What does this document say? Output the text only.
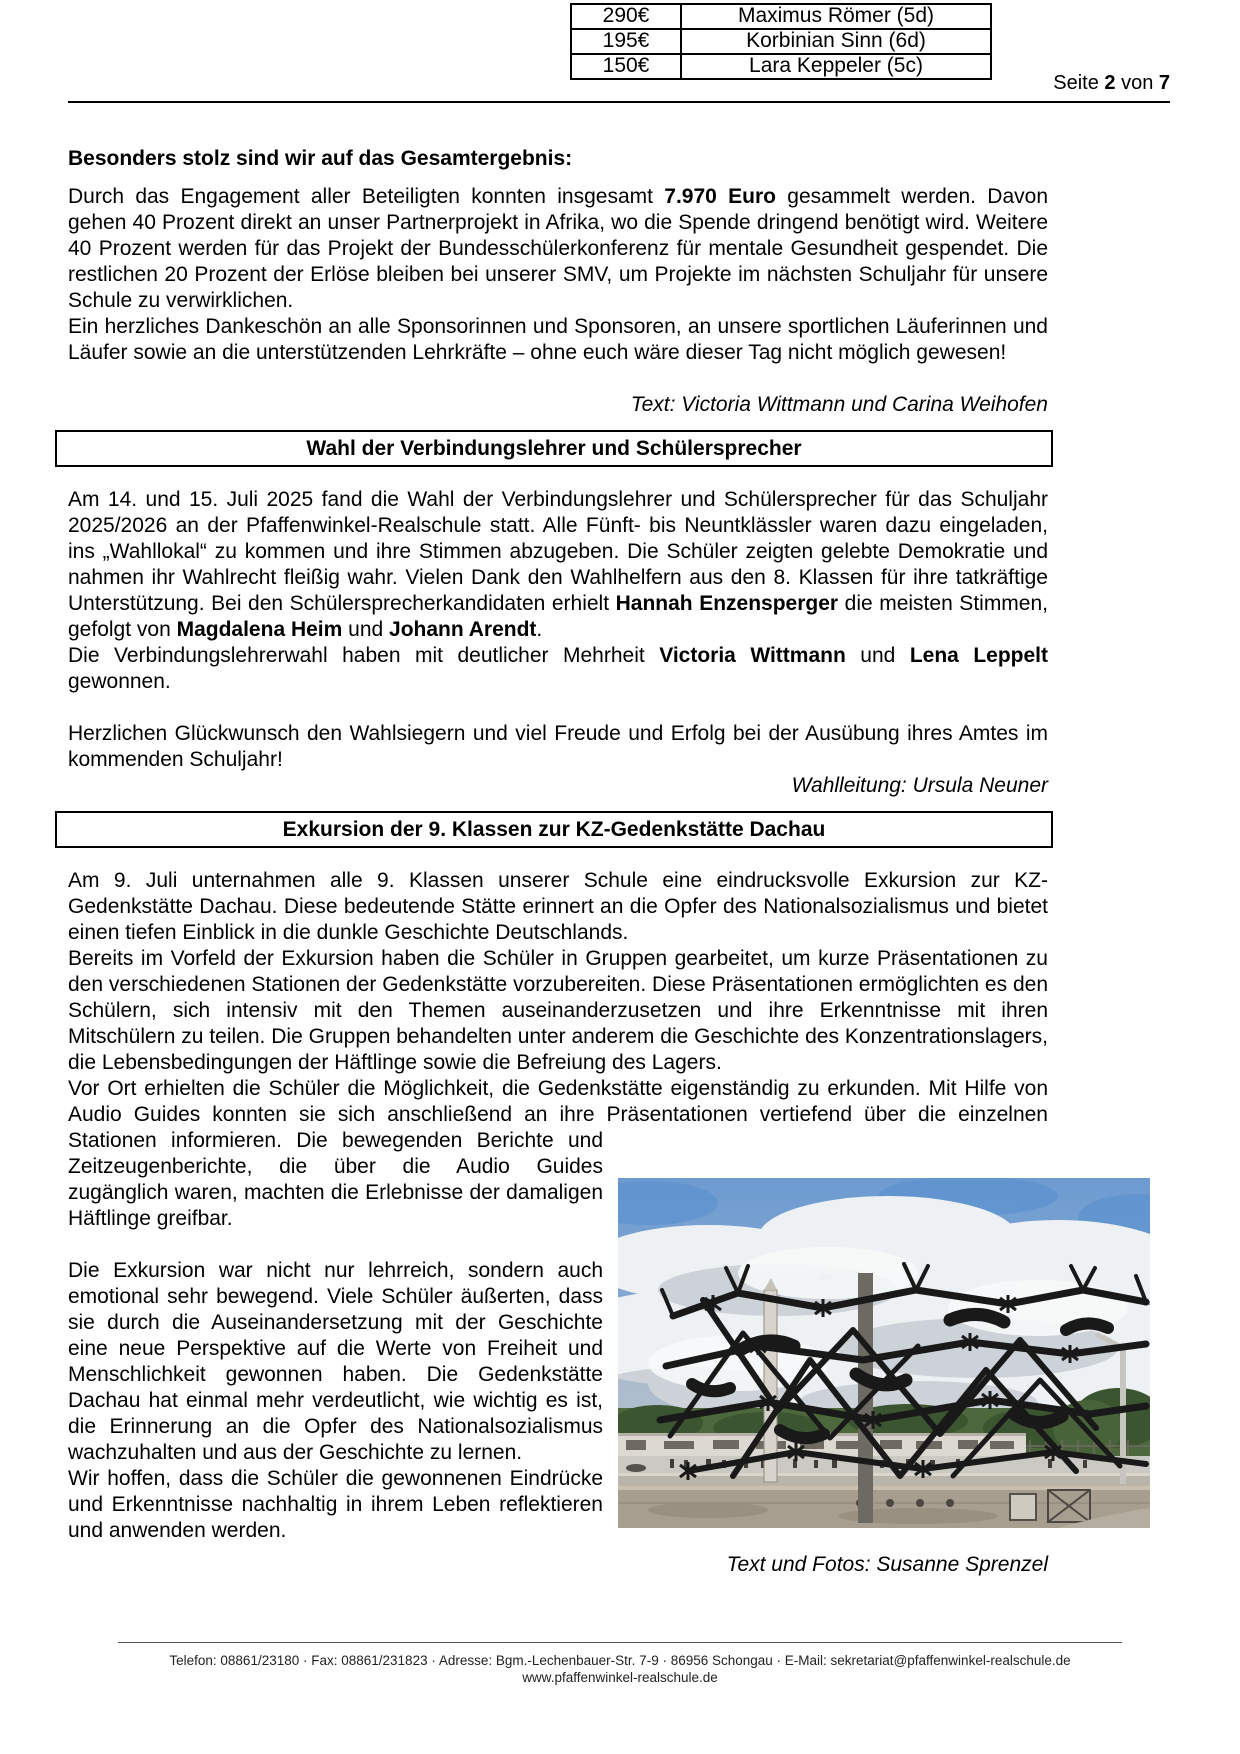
290€	Maximus Römer (5d)
195€	Korbinian Sinn (6d)
150€	Lara Keppeler (5c)
Seite 2 von 7

Besonders stolz sind wir auf das Gesamtergebnis:

Durch das Engagement aller Beteiligten konnten insgesamt 7.970 Euro gesammelt werden. Davon gehen 40 Prozent direkt an unser Partnerprojekt in Afrika, wo die Spende dringend benötigt wird. Weitere 40 Prozent werden für das Projekt der Bundesschülerkonferenz für mentale Gesundheit gespendet. Die restlichen 20 Prozent der Erlöse bleiben bei unserer SMV, um Projekte im nächsten Schuljahr für unsere Schule zu verwirklichen.

Ein herzliches Dankeschön an alle Sponsorinnen und Sponsoren, an unsere sportlichen Läuferinnen und Läufer sowie an die unterstützenden Lehrkräfte – ohne euch wäre dieser Tag nicht möglich gewesen!

Text: Victoria Wittmann und Carina Weihofen

Wahl der Verbindungslehrer und Schülersprecher

Am 14. und 15. Juli 2025 fand die Wahl der Verbindungslehrer und Schülersprecher für das Schuljahr 2025/2026 an der Pfaffenwinkel-Realschule statt. Alle Fünft- bis Neuntklässler waren dazu eingeladen, ins „Wahllokal“ zu kommen und ihre Stimmen abzugeben. Die Schüler zeigten gelebte Demokratie und nahmen ihr Wahlrecht fleißig wahr. Vielen Dank den Wahlhelfern aus den 8. Klassen für ihre tatkräftige Unterstützung. Bei den Schülersprecherkandidaten erhielt Hannah Enzensperger die meisten Stimmen, gefolgt von Magdalena Heim und Johann Arendt.

Die Verbindungslehrerwahl haben mit deutlicher Mehrheit Victoria Wittmann und Lena Leppelt gewonnen.

Herzlichen Glückwunsch den Wahlsiegern und viel Freude und Erfolg bei der Ausübung ihres Amtes im kommenden Schuljahr!

Wahlleitung: Ursula Neuner

Exkursion der 9. Klassen zur KZ-Gedenkstätte Dachau

Am 9. Juli unternahmen alle 9. Klassen unserer Schule eine eindrucksvolle Exkursion zur KZ-Gedenkstätte Dachau. Diese bedeutende Stätte erinnert an die Opfer des Nationalsozialismus und bietet einen tiefen Einblick in die dunkle Geschichte Deutschlands.

Bereits im Vorfeld der Exkursion haben die Schüler in Gruppen gearbeitet, um kurze Präsentationen zu den verschiedenen Stationen der Gedenkstätte vorzubereiten. Diese Präsentationen ermöglichten es den Schülern, sich intensiv mit den Themen auseinanderzusetzen und ihre Erkenntnisse mit ihren Mitschülern zu teilen. Die Gruppen behandelten unter anderem die Geschichte des Konzentrationslagers, die Lebensbedingungen der Häftlinge sowie die Befreiung des Lagers.

Vor Ort erhielten die Schüler die Möglichkeit, die Gedenkstätte eigenständig zu erkunden. Mit Hilfe von Audio Guides konnten sie sich anschließend an ihre Präsentationen vertiefend über die einzelnen

Stationen informieren. Die bewegenden Berichte und Zeitzeugenberichte, die über die Audio Guides zugänglich waren, machten die Erlebnisse der damaligen Häftlinge greifbar.

Die Exkursion war nicht nur lehrreich, sondern auch emotional sehr bewegend. Viele Schüler äußerten, dass sie durch die Auseinandersetzung mit der Geschichte eine neue Perspektive auf die Werte von Freiheit und Menschlichkeit gewonnen haben. Die Gedenkstätte Dachau hat einmal mehr verdeutlicht, wie wichtig es ist, die Erinnerung an die Opfer des Nationalsozialismus wachzuhalten und aus der Geschichte zu lernen.

Wir hoffen, dass die Schüler die gewonnenen Eindrücke und Erkenntnisse nachhaltig in ihrem Leben reflektieren und anwenden werden.

Text und Fotos: Susanne Sprenzel

Telefon: 08861/23180 · Fax: 08861/231823 · Adresse: Bgm.-Lechenbauer-Str. 7-9 · 86956 Schongau · E-Mail: sekretariat@pfaffenwinkel-realschule.de
www.pfaffenwinkel-realschule.de
